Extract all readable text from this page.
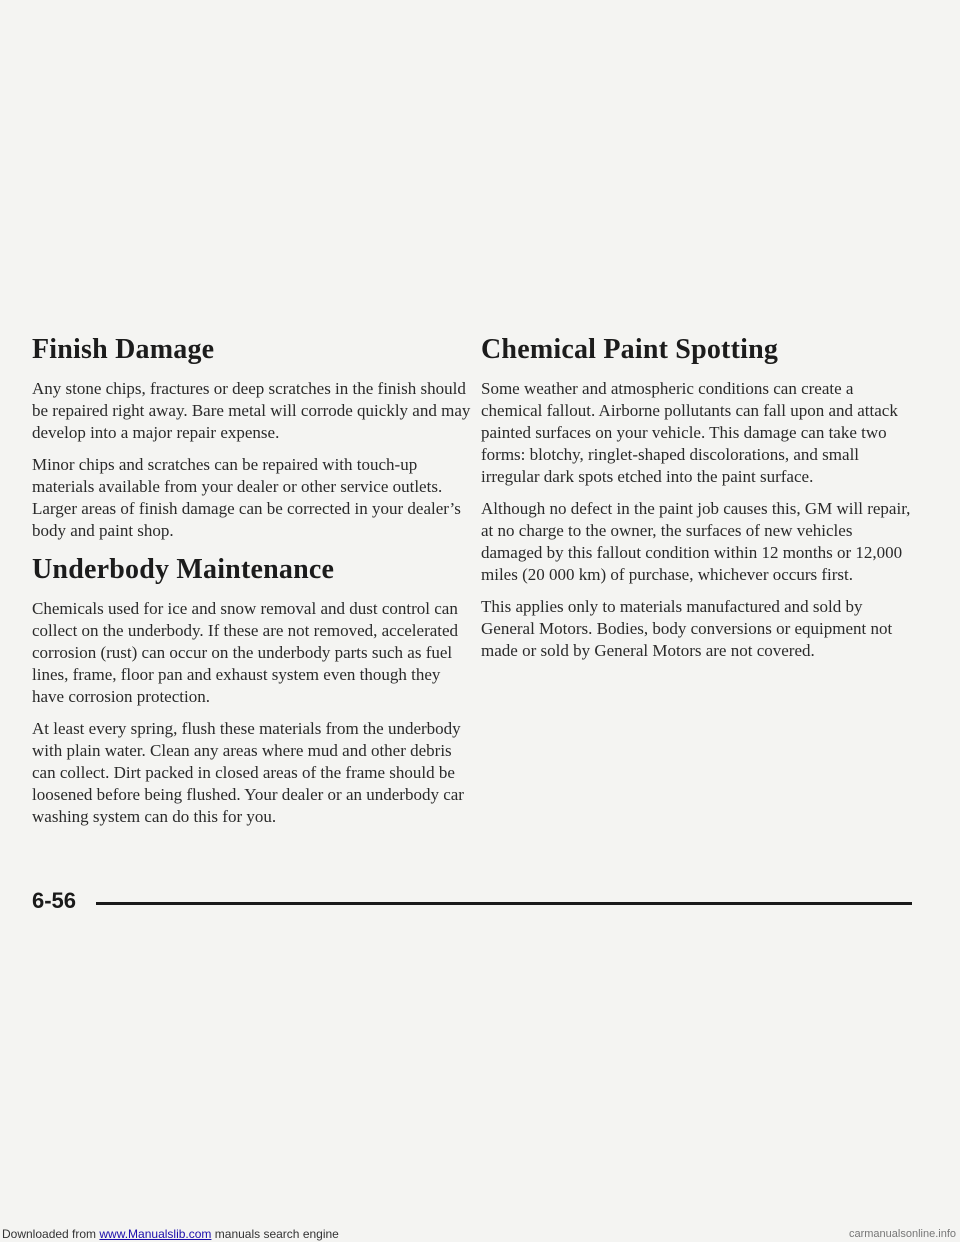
Finish Damage

Any stone chips, fractures or deep scratches in the finish should be repaired right away. Bare metal will corrode quickly and may develop into a major repair expense.

Minor chips and scratches can be repaired with touch-up materials available from your dealer or other service outlets. Larger areas of finish damage can be corrected in your dealer’s body and paint shop.

Underbody Maintenance

Chemicals used for ice and snow removal and dust control can collect on the underbody. If these are not removed, accelerated corrosion (rust) can occur on the underbody parts such as fuel lines, frame, floor pan and exhaust system even though they have corrosion protection.

At least every spring, flush these materials from the underbody with plain water. Clean any areas where mud and other debris can collect. Dirt packed in closed areas of the frame should be loosened before being flushed. Your dealer or an underbody car washing system can do this for you.

Chemical Paint Spotting

Some weather and atmospheric conditions can create a chemical fallout. Airborne pollutants can fall upon and attack painted surfaces on your vehicle. This damage can take two forms: blotchy, ringlet-shaped discolorations, and small irregular dark spots etched into the paint surface.

Although no defect in the paint job causes this, GM will repair, at no charge to the owner, the surfaces of new vehicles damaged by this fallout condition within 12 months or 12,000 miles (20 000 km) of purchase, whichever occurs first.

This applies only to materials manufactured and sold by General Motors. Bodies, body conversions or equipment not made or sold by General Motors are not covered.

6-56
Downloaded from www.Manualslib.com manuals search engine	carmanualsonline.info
